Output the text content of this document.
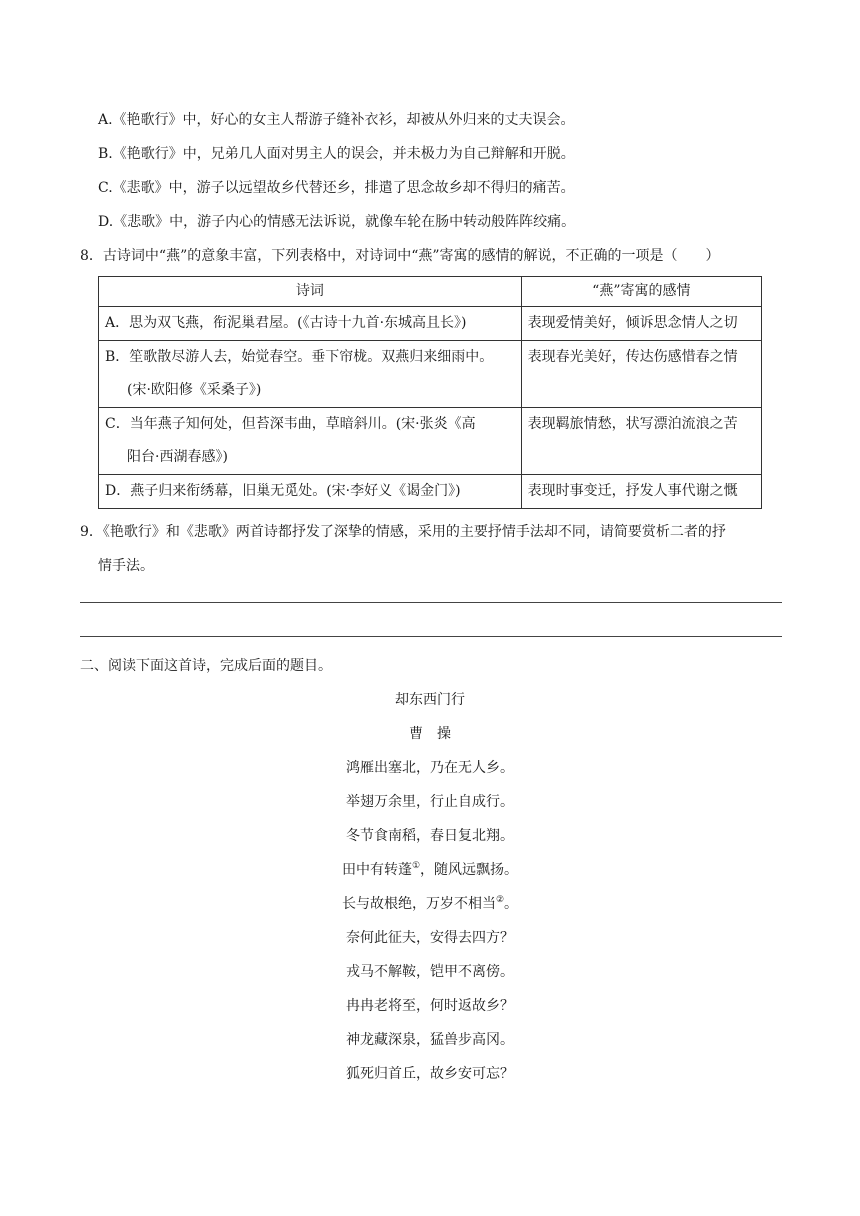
A.《艳歌行》中，好心的女主人帮游子缝补衣衫，却被从外归来的丈夫误会。
B.《艳歌行》中，兄弟几人面对男主人的误会，并未极力为自己辩解和开脱。
C.《悲歌》中，游子以远望故乡代替还乡，排遣了思念故乡却不得归的痛苦。
D.《悲歌》中，游子内心的情感无法诉说，就像车轮在肠中转动般阵阵绞痛。
8．古诗词中“燕”的意象丰富，下列表格中，对诗词中“燕”寄寓的感情的解说，不正确的一项是（　　）
诗词	“燕”寄寓的感情
A．思为双飞燕，衔泥巢君屋。(《古诗十九首·东城高且长》)	表现爱情美好，倾诉思念情人之切

B．笙歌散尽游人去，始觉春空。垂下帘栊。双燕归来细雨中。
(宋·欧阳修《采桑子》)	表现春光美好，传达伤感惜春之情

C．当年燕子知何处，但苔深韦曲，草暗斜川。(宋·张炎《高
阳台·西湖春感》)	表现羁旅情愁，状写漂泊流浪之苦
D．燕子归来衔绣幕，旧巢无觅处。(宋·李好义《谒金门》)	表现时事变迁，抒发人事代谢之慨
9．《艳歌行》和《悲歌》两首诗都抒发了深挚的情感，采用的主要抒情手法却不同，请简要赏析二者的抒
情手法。
二、阅读下面这首诗，完成后面的题目。
却东西门行
曹　操
鸿雁出塞北，乃在无人乡。
举翅万余里，行止自成行。
冬节食南稻，春日复北翔。
田中有转蓬①，随风远飘扬。
长与故根绝，万岁不相当②。
奈何此征夫，安得去四方？
戎马不解鞍，铠甲不离傍。
冉冉老将至，何时返故乡？
神龙藏深泉，猛兽步高冈。
狐死归首丘，故乡安可忘？
